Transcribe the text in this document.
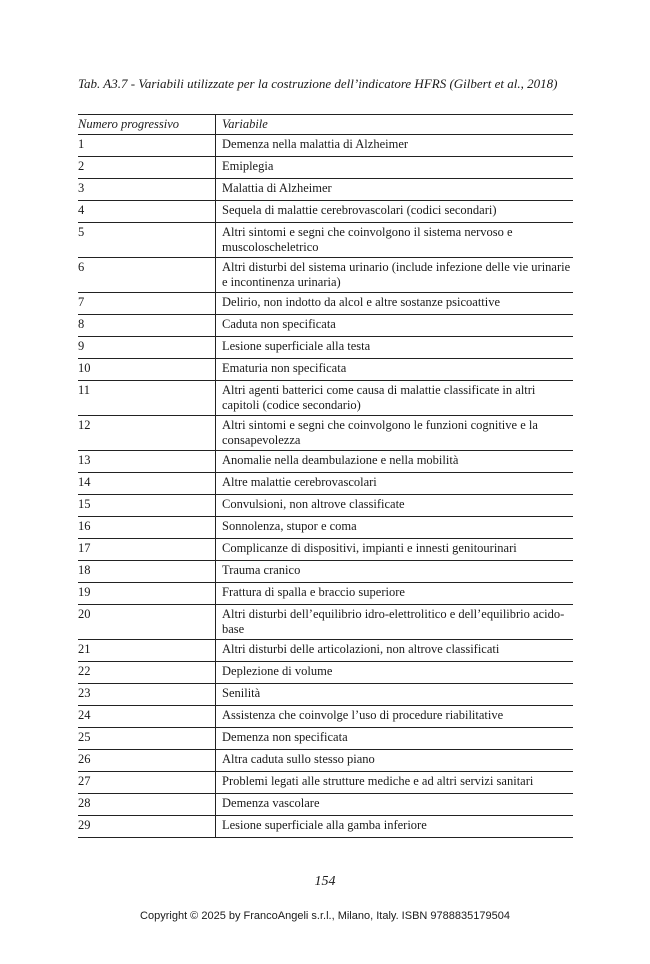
Tab. A3.7 - Variabili utilizzate per la costruzione dell’indicatore HFRS (Gilbert et al., 2018)
Numero progressivo	Variabile
1	Demenza nella malattia di Alzheimer
2	Emiplegia
3	Malattia di Alzheimer
4	Sequela di malattie cerebrovascolari (codici secondari)
5	Altri sintomi e segni che coinvolgono il sistema nervoso e muscoloscheletrico
6	Altri disturbi del sistema urinario (include infezione delle vie urinarie e incontinenza urinaria)
7	Delirio, non indotto da alcol e altre sostanze psicoattive
8	Caduta non specificata
9	Lesione superficiale alla testa
10	Ematuria non specificata
11	Altri agenti batterici come causa di malattie classificate in altri capitoli (codice secondario)
12	Altri sintomi e segni che coinvolgono le funzioni cognitive e la consapevolezza
13	Anomalie nella deambulazione e nella mobilità
14	Altre malattie cerebrovascolari
15	Convulsioni, non altrove classificate
16	Sonnolenza, stupor e coma
17	Complicanze di dispositivi, impianti e innesti genitourinari
18	Trauma cranico
19	Frattura di spalla e braccio superiore
20	Altri disturbi dell’equilibrio idro-elettrolitico e dell’equilibrio acido-base
21	Altri disturbi delle articolazioni, non altrove classificati
22	Deplezione di volume
23	Senilità
24	Assistenza che coinvolge l’uso di procedure riabilitative
25	Demenza non specificata
26	Altra caduta sullo stesso piano
27	Problemi legati alle strutture mediche e ad altri servizi sanitari
28	Demenza vascolare
29	Lesione superficiale alla gamba inferiore
154
Copyright © 2025 by FrancoAngeli s.r.l., Milano, Italy. ISBN 9788835179504
